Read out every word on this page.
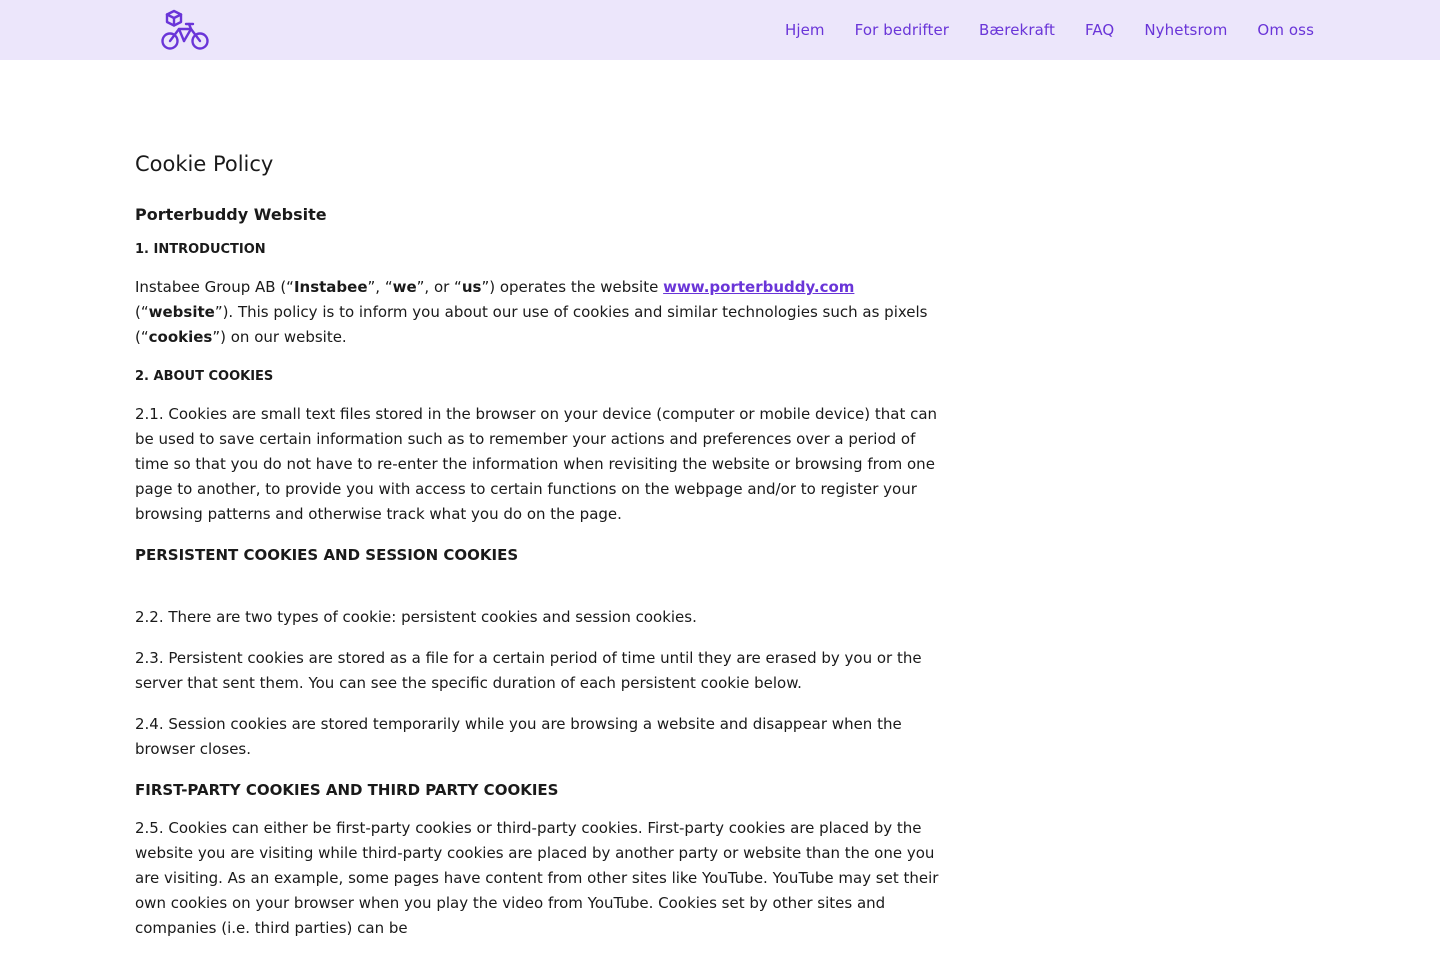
Hjem For bedrifter Bærekraft FAQ Nyhetsrom Om oss
Cookie Policy
Porterbuddy Website
1. INTRODUCTION

Instabee Group AB (“Instabee”, “we”, or “us”) operates the website www.porterbuddy.com (“website”). This policy is to inform you about our use of cookies and similar technologies such as pixels (“cookies”) on our website.

2. ABOUT COOKIES

2.1. Cookies are small text files stored in the browser on your device (computer or mobile device) that can be used to save certain information such as to remember your actions and preferences over a period of time so that you do not have to re-enter the information when revisiting the website or browsing from one page to another, to provide you with access to certain functions on the webpage and/or to register your browsing patterns and otherwise track what you do on the page.

PERSISTENT COOKIES AND SESSION COOKIES

2.2. There are two types of cookie: persistent cookies and session cookies.

2.3. Persistent cookies are stored as a file for a certain period of time until they are erased by you or the server that sent them. You can see the specific duration of each persistent cookie below.

2.4. Session cookies are stored temporarily while you are browsing a website and disappear when the browser closes.

FIRST-PARTY COOKIES AND THIRD PARTY COOKIES

2.5. Cookies can either be first-party cookies or third-party cookies. First-party cookies are placed by the website you are visiting while third-party cookies are placed by another party or website than the one you are visiting. As an example, some pages have content from other sites like YouTube. YouTube may set their own cookies on your browser when you play the video from YouTube. Cookies set by other sites and companies (i.e. third parties) can be
